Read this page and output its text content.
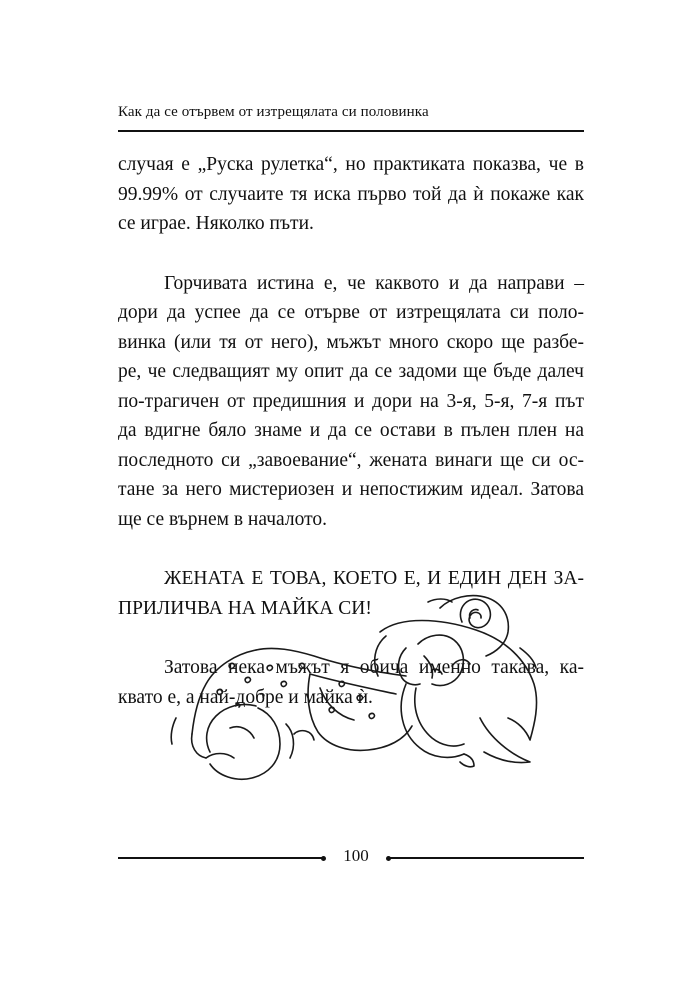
Как да се отървем от изтрещялата си половинка
случая е „Руска рулетка“, но практиката показва, че в
99.99% от случаите тя иска първо той да ѝ покаже как
се играе. Няколко пъти.
Горчивата истина е, че каквото и да направи –
дори да успее да се отърве от изтрещялата си поло-
винка (или тя от него), мъжът много скоро ще разбе-
ре, че следващият му опит да се задоми ще бъде далеч
по-трагичен от предишния и дори на 3-я, 5-я, 7-я път
да вдигне бяло знаме и да се остави в пълен плен на
последното си „завоевание“, жената винаги ще си ос-
тане за него мистериозен и непостижим идеал. Затова
ще се върнем в началото.
ЖЕНАТА Е ТОВА, КОЕТО Е, И ЕДИН ДЕН ЗА-
ПРИЛИЧВА НА МАЙКА СИ!
Затова нека мъжът я обича именно такава, ка-
квато е, а най-добре и майка ѝ.
100
